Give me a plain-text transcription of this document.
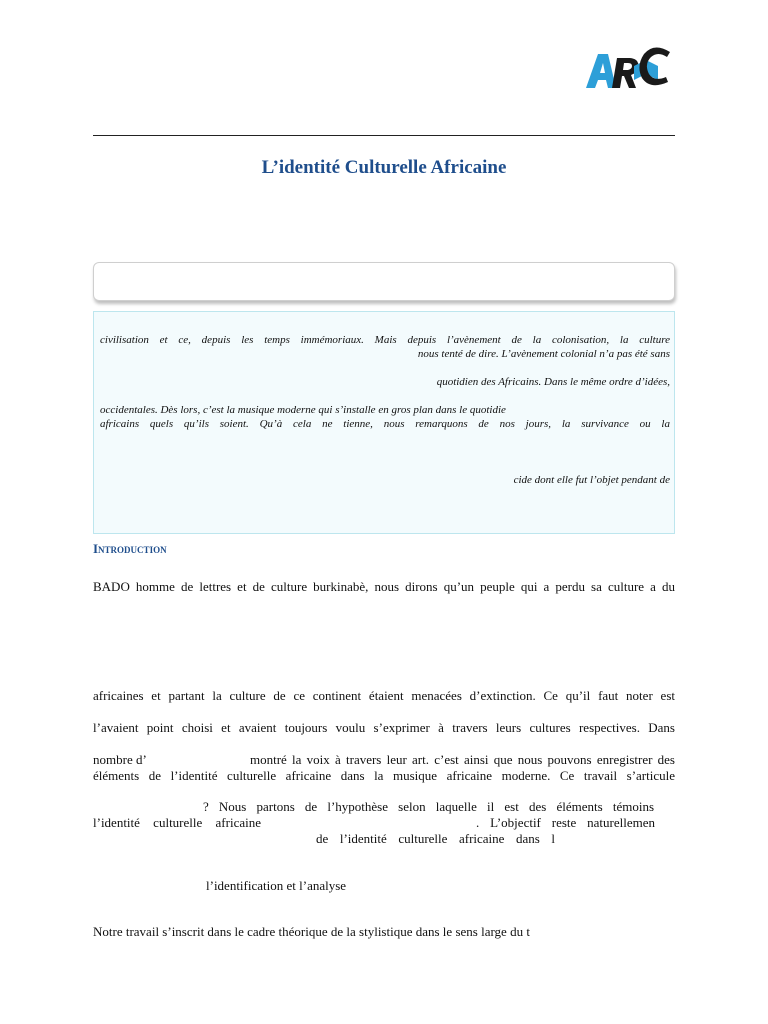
L’identité Culturelle Africaine
civilisation et ce, depuis les temps immémoriaux. Mais depuis l’avènement de la colonisation, la culture
nous tenté de dire. L’avènement colonial n’a pas été sans
quotidien des Africains. Dans le même ordre d’idées,
occidentales. Dès lors, c’est la musique moderne qui s’installe en gros plan dans le quotidie
africains quels qu’ils soient. Qu’à cela ne tienne, nous remarquons de nos jours, la survivance ou la
cide dont elle fut l’objet pendant de
Introduction
BADO homme de lettres et de culture burkinabè, nous dirons qu’un peuple qui a perdu sa culture a du
africaines et partant la culture de ce continent étaient menacées d’extinction. Ce qu’il faut noter est
l’avaient point choisi et avaient toujours voulu s’exprimer à travers leurs cultures respectives. Dans
nombre d’	montré la voix à travers leur art. c’est ainsi que nous pouvons enregistrer des
éléments de l’identité culturelle africaine dans la musique africaine moderne. Ce travail s’articule
? Nous partons de l’hypothèse selon laquelle il est des éléments témoins
l’identité culturelle africaine	. L’objectif reste naturellemen
de l’identité culturelle africaine dans l
l’identification et l’analyse
Notre travail s’inscrit dans le cadre théorique de la stylistique dans le sens large du t
